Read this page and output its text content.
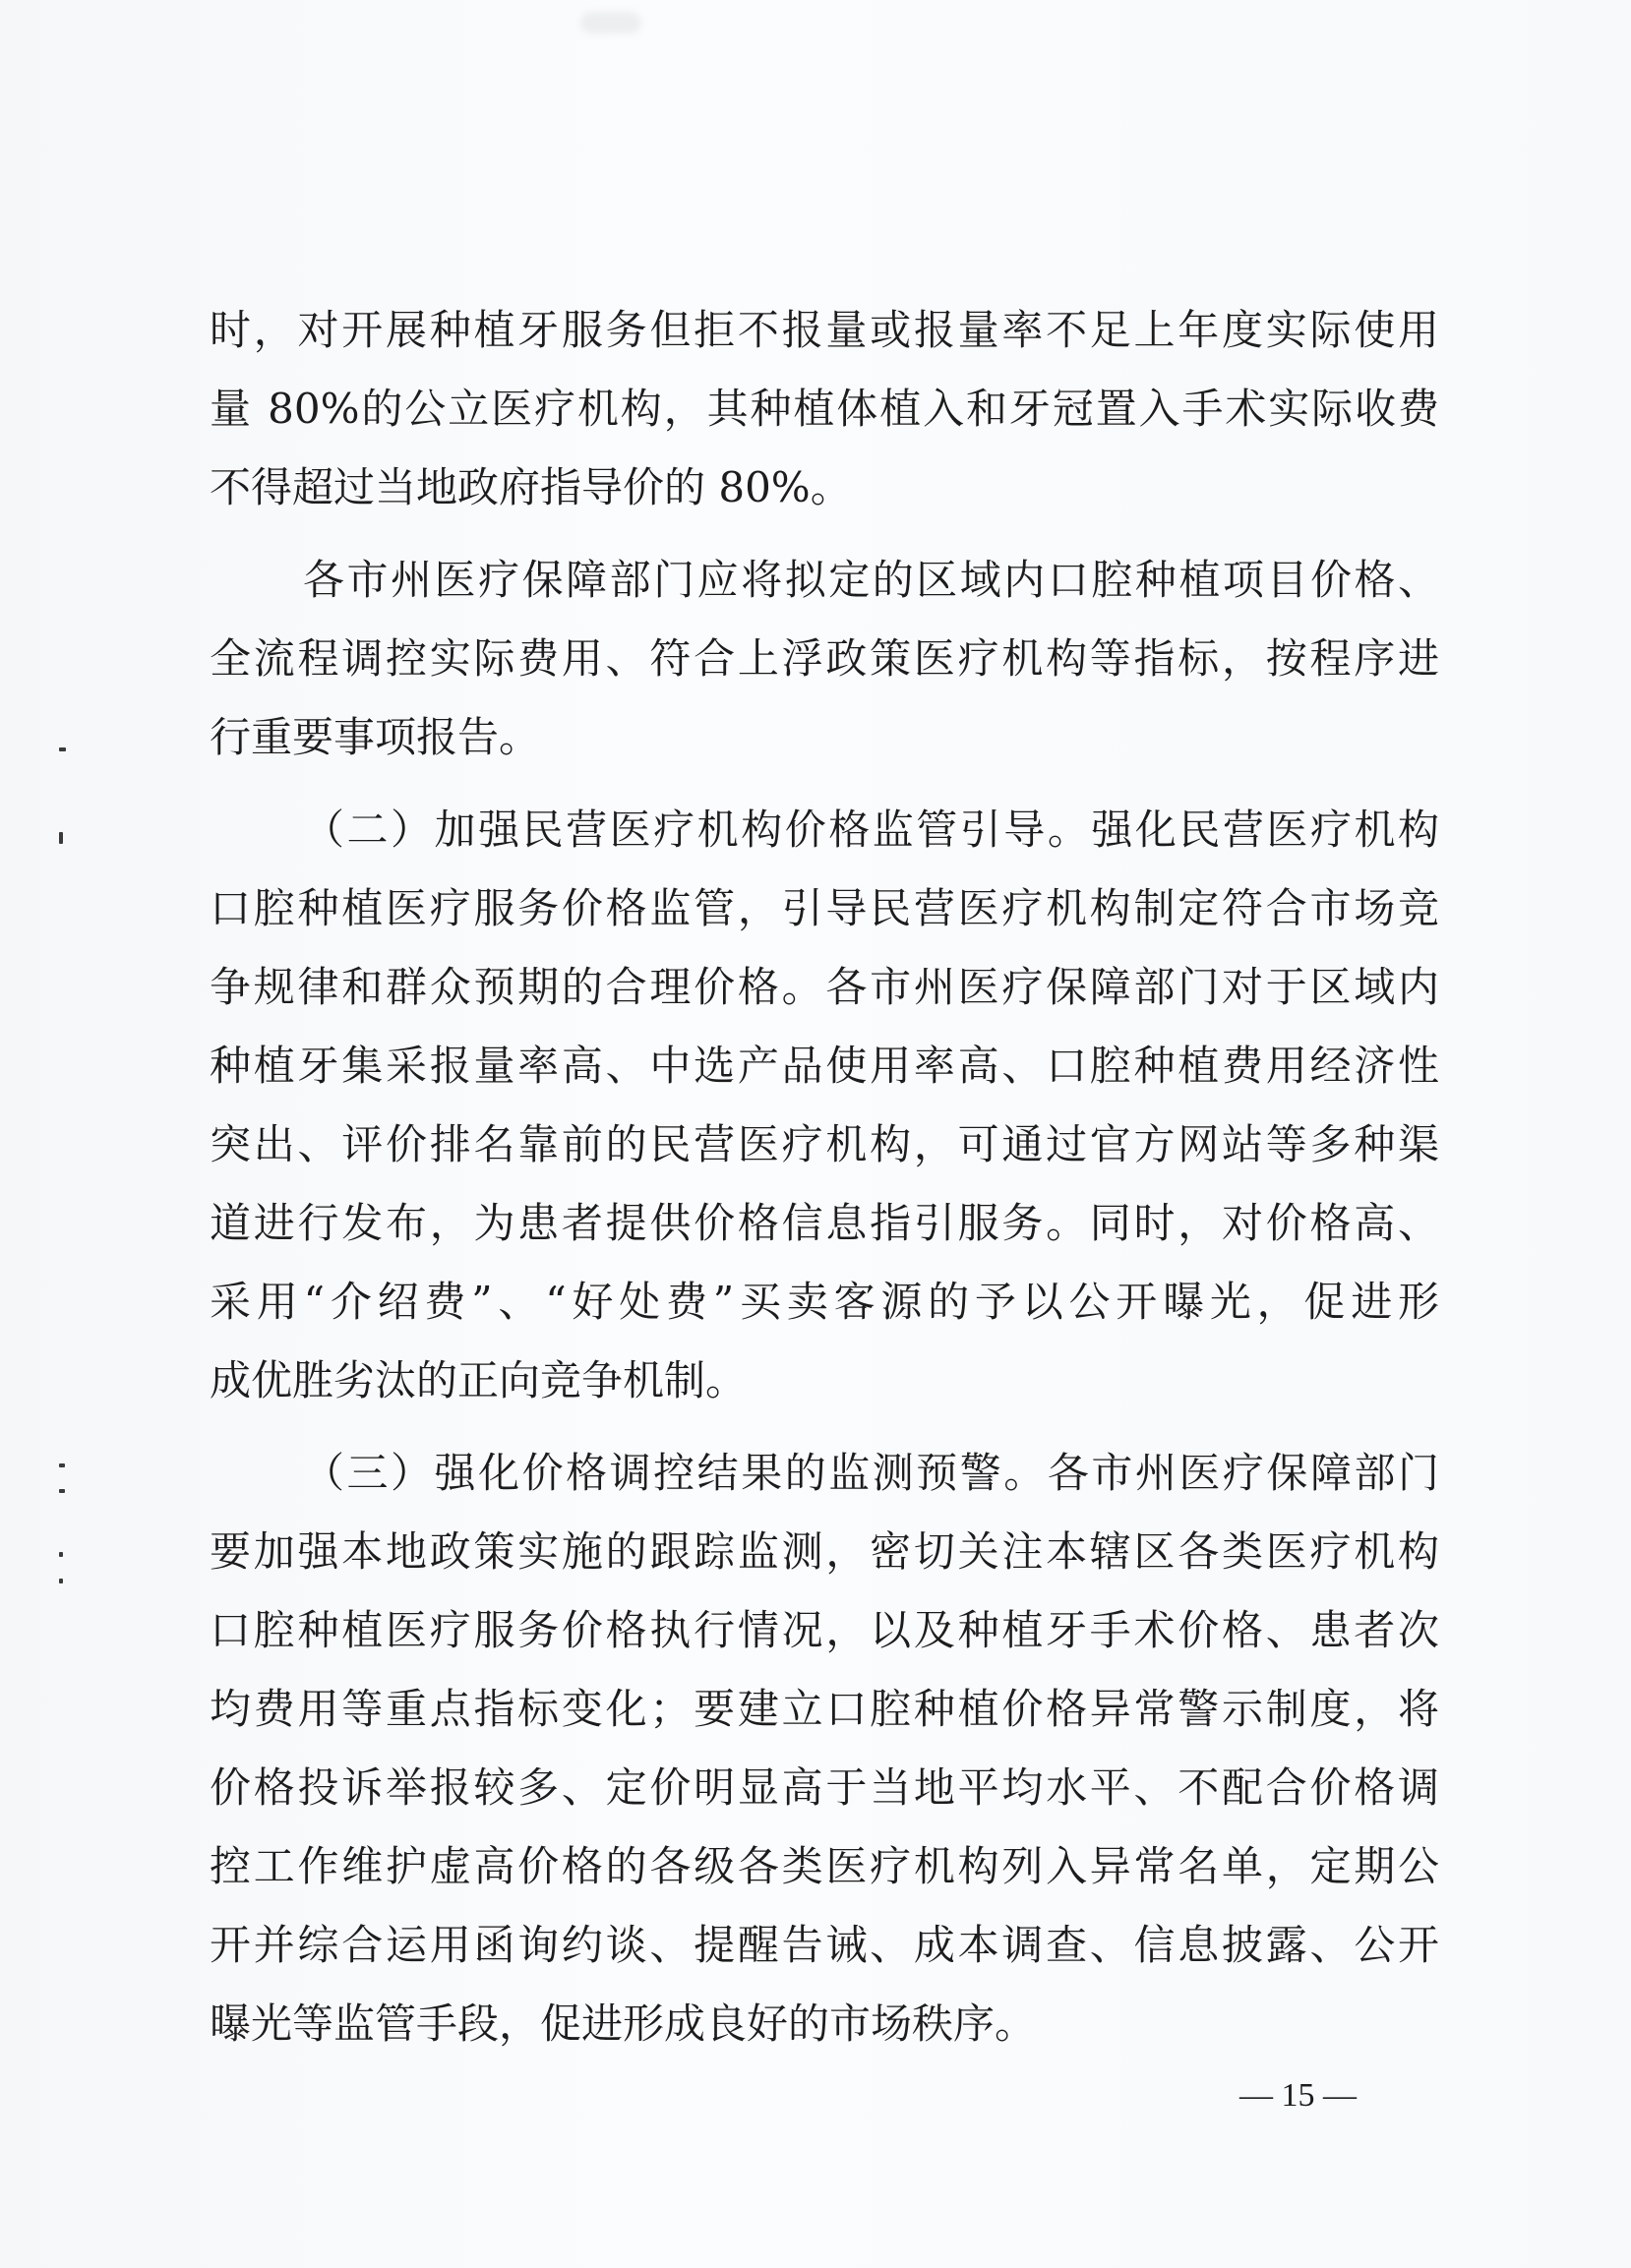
时，对开展种植牙服务但拒不报量或报量率不足上年度实际使用
量 80%的公立医疗机构，其种植体植入和牙冠置入手术实际收费
不得超过当地政府指导价的 80%。
各市州医疗保障部门应将拟定的区域内口腔种植项目价格、
全流程调控实际费用、符合上浮政策医疗机构等指标，按程序进
行重要事项报告。
（二）加强民营医疗机构价格监管引导。强化民营医疗机构
口腔种植医疗服务价格监管，引导民营医疗机构制定符合市场竞
争规律和群众预期的合理价格。各市州医疗保障部门对于区域内
种植牙集采报量率高、中选产品使用率高、口腔种植费用经济性
突出、评价排名靠前的民营医疗机构，可通过官方网站等多种渠
道进行发布，为患者提供价格信息指引服务。同时，对价格高、
采用“介绍费”、“好处费”买卖客源的予以公开曝光，促进形
成优胜劣汰的正向竞争机制。
（三）强化价格调控结果的监测预警。各市州医疗保障部门
要加强本地政策实施的跟踪监测，密切关注本辖区各类医疗机构
口腔种植医疗服务价格执行情况，以及种植牙手术价格、患者次
均费用等重点指标变化；要建立口腔种植价格异常警示制度，将
价格投诉举报较多、定价明显高于当地平均水平、不配合价格调
控工作维护虚高价格的各级各类医疗机构列入异常名单，定期公
开并综合运用函询约谈、提醒告诫、成本调查、信息披露、公开
曝光等监管手段，促进形成良好的市场秩序。
— 15 —
